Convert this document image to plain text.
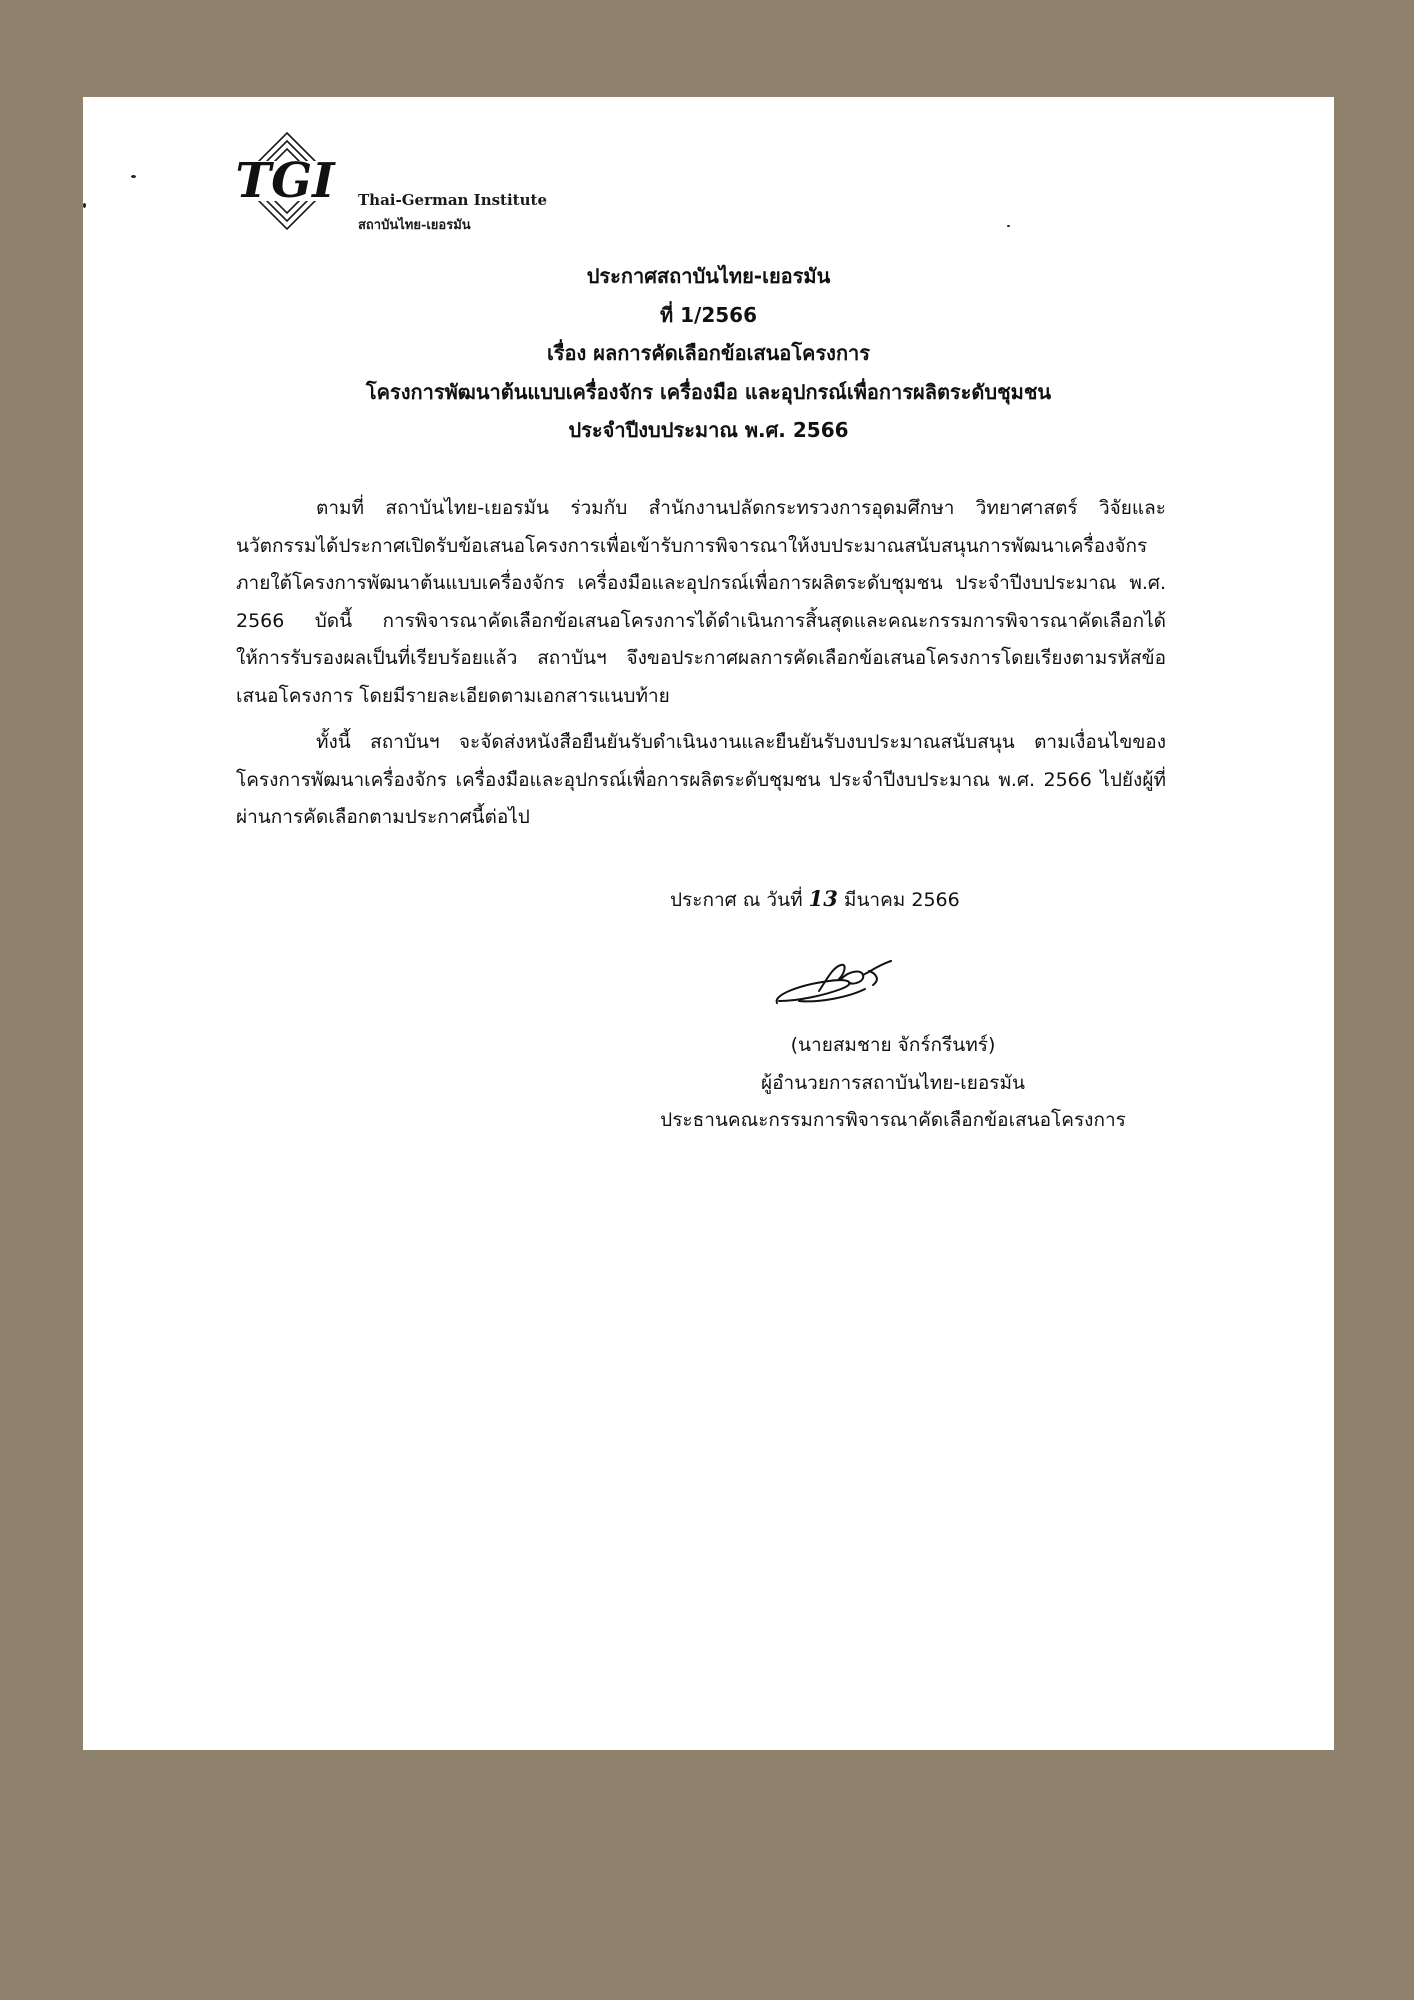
TGI Thai-German Institute
สถาบันไทย-เยอรมัน
ประกาศสถาบันไทย-เยอรมัน
ที่ 1/2566
เรื่อง ผลการคัดเลือกข้อเสนอโครงการ
โครงการพัฒนาต้นแบบเครื่องจักร เครื่องมือ และอุปกรณ์เพื่อการผลิตระดับชุมชน
ประจำปีงบประมาณ พ.ศ. 2566

ตามที่ สถาบันไทย-เยอรมัน ร่วมกับ สำนักงานปลัดกระทรวงการอุดมศึกษา วิทยาศาสตร์ วิจัยและนวัตกรรมได้ประกาศเปิดรับข้อเสนอโครงการเพื่อเข้ารับการพิจารณาให้งบประมาณสนับสนุนการพัฒนาเครื่องจักรภายใต้โครงการพัฒนาต้นแบบเครื่องจักร เครื่องมือและอุปกรณ์เพื่อการผลิตระดับชุมชน ประจำปีงบประมาณ พ.ศ. 2566 บัดนี้ การพิจารณาคัดเลือกข้อเสนอโครงการได้ดำเนินการสิ้นสุดและคณะกรรมการพิจารณาคัดเลือกได้ให้การรับรองผลเป็นที่เรียบร้อยแล้ว สถาบันฯ จึงขอประกาศผลการคัดเลือกข้อเสนอโครงการโดยเรียงตามรหัสข้อเสนอโครงการ โดยมีรายละเอียดตามเอกสารแนบท้าย

ทั้งนี้ สถาบันฯ จะจัดส่งหนังสือยืนยันรับดำเนินงานและยืนยันรับงบประมาณสนับสนุน ตามเงื่อนไขของโครงการพัฒนาเครื่องจักร เครื่องมือและอุปกรณ์เพื่อการผลิตระดับชุมชน ประจำปีงบประมาณ พ.ศ. 2566 ไปยังผู้ที่ผ่านการคัดเลือกตามประกาศนี้ต่อไป

ประกาศ ณ วันที่ 13 มีนาคม 2566
(นายสมชาย จักร์กรีนทร์)
ผู้อำนวยการสถาบันไทย-เยอรมัน
ประธานคณะกรรมการพิจารณาคัดเลือกข้อเสนอโครงการ
